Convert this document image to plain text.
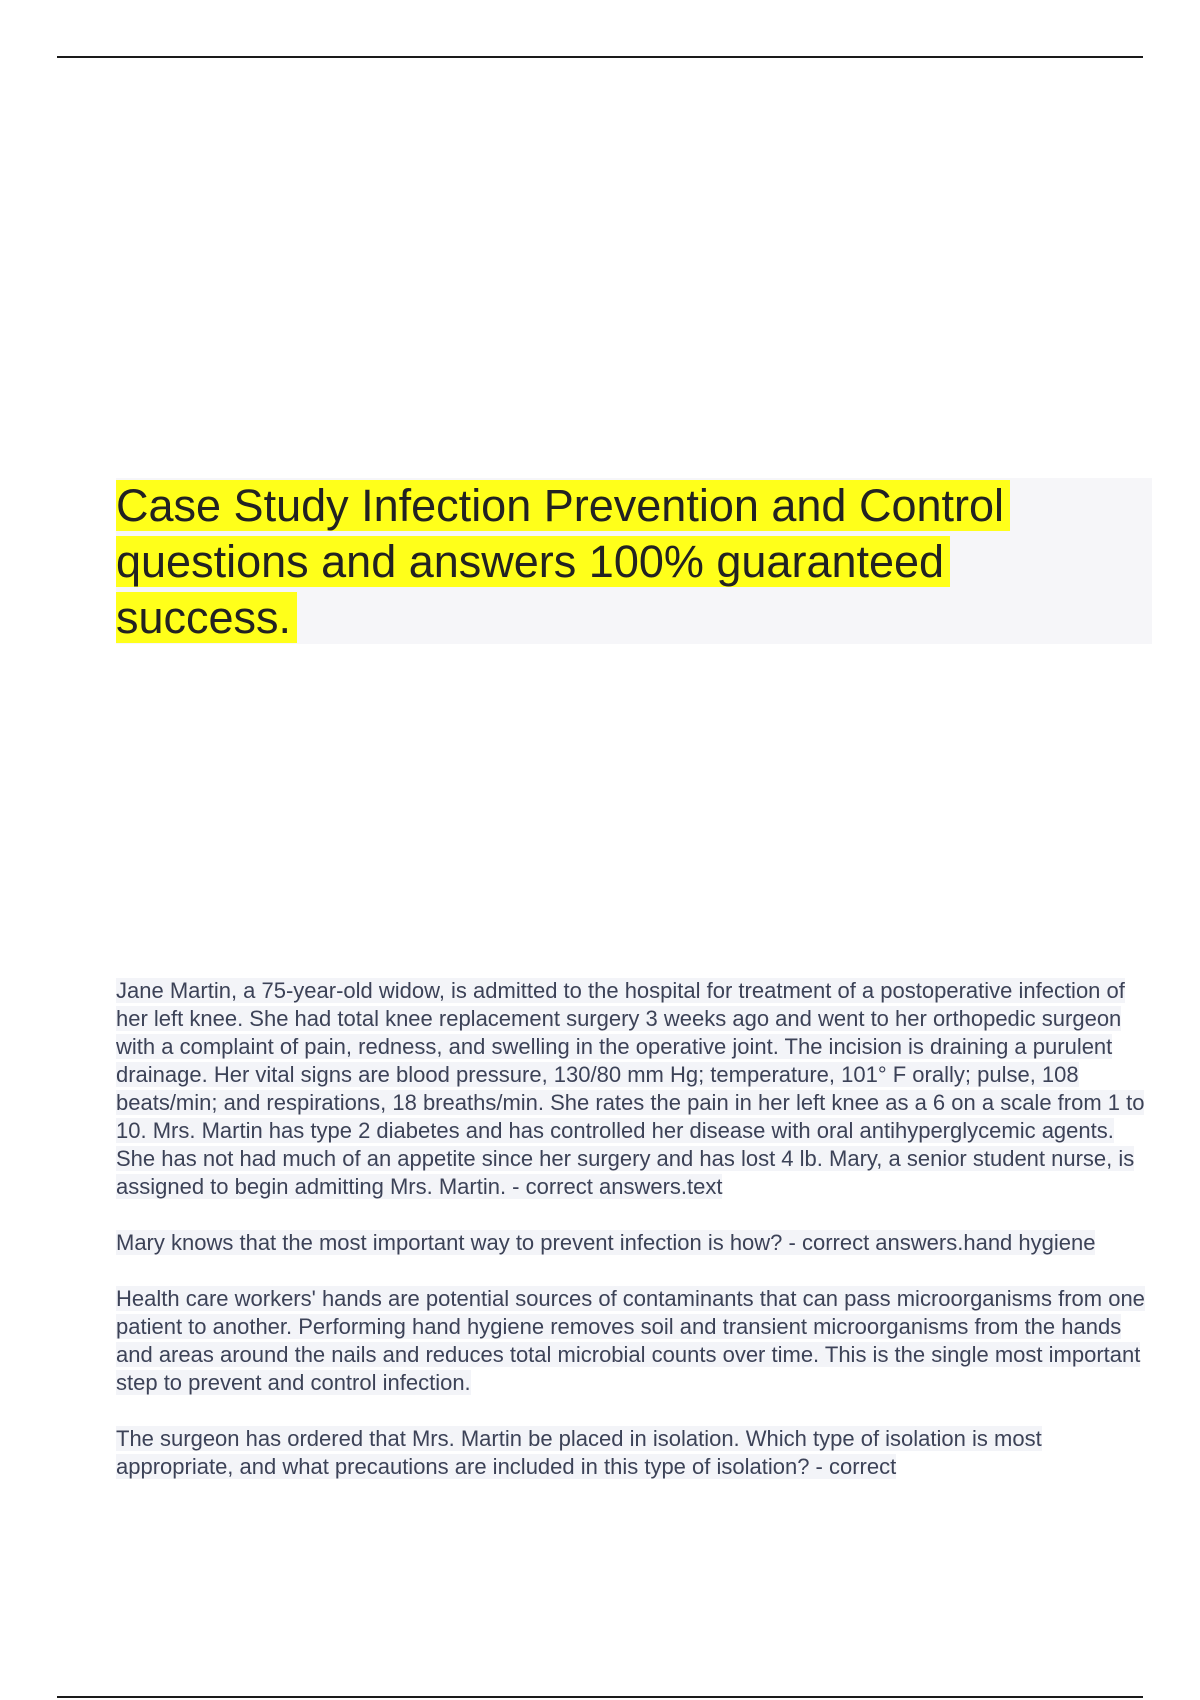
Case Study Infection Prevention and Control questions and answers 100% guaranteed success.

Jane Martin, a 75-year-old widow, is admitted to the hospital for treatment of a postoperative infection of her left knee. She had total knee replacement surgery 3 weeks ago and went to her orthopedic surgeon with a complaint of pain, redness, and swelling in the operative joint. The incision is draining a purulent drainage. Her vital signs are blood pressure, 130/80 mm Hg; temperature, 101° F orally; pulse, 108 beats/min; and respirations, 18 breaths/min. She rates the pain in her left knee as a 6 on a scale from 1 to 10. Mrs. Martin has type 2 diabetes and has controlled her disease with oral antihyperglycemic agents. She has not had much of an appetite since her surgery and has lost 4 lb. Mary, a senior student nurse, is assigned to begin admitting Mrs. Martin. - correct answers.text

Mary knows that the most important way to prevent infection is how? - correct answers.hand hygiene

Health care workers' hands are potential sources of contaminants that can pass microorganisms from one patient to another. Performing hand hygiene removes soil and transient microorganisms from the hands and areas around the nails and reduces total microbial counts over time. This is the single most important step to prevent and control infection.

The surgeon has ordered that Mrs. Martin be placed in isolation. Which type of isolation is most appropriate, and what precautions are included in this type of isolation? - correct
